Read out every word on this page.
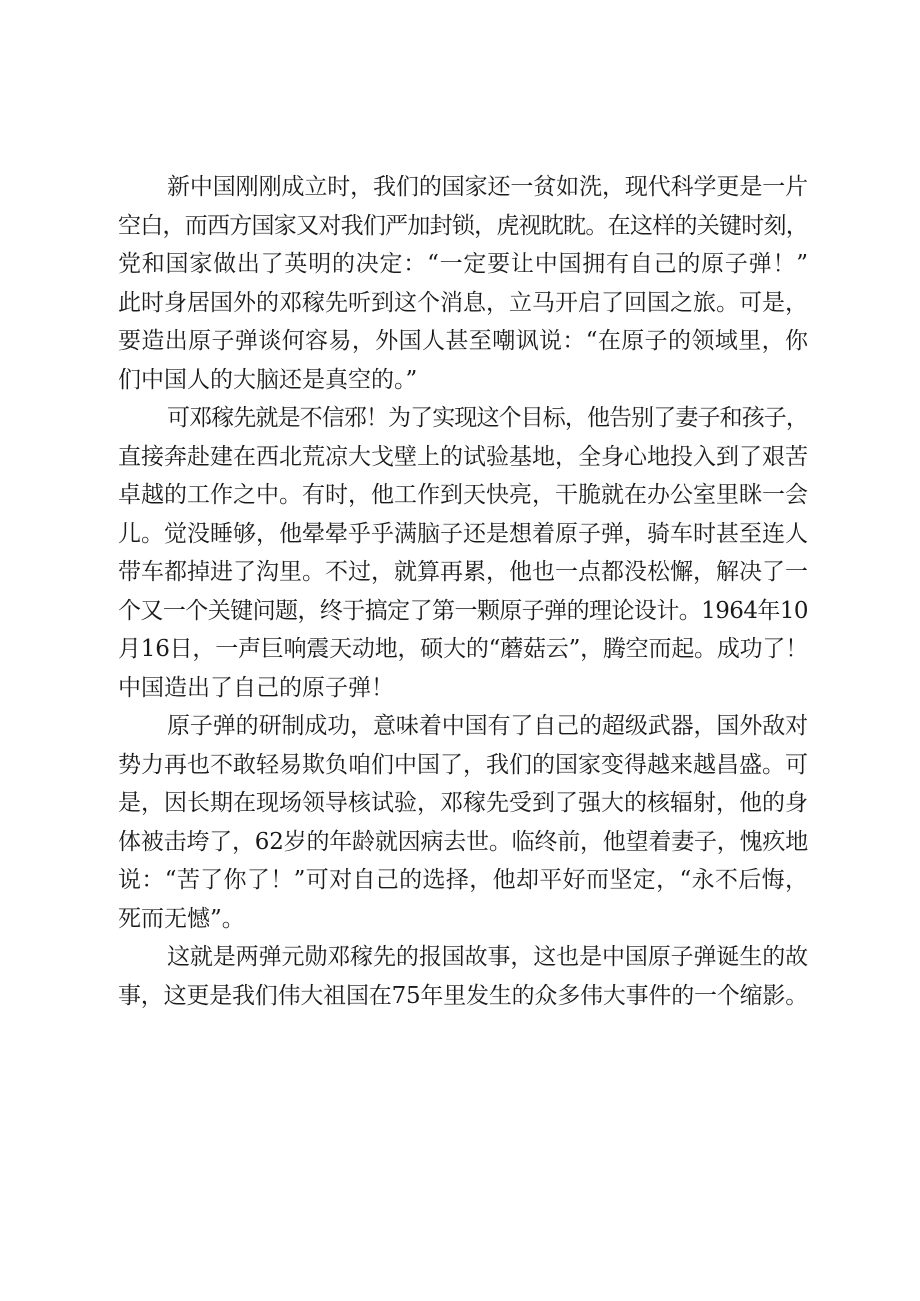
新中国刚刚成立时，我们的国家还一贫如洗，现代科学更是一片
空白，而西方国家又对我们严加封锁，虎视眈眈。在这样的关键时刻，
党和国家做出了英明的决定：“一定要让中国拥有自己的原子弹！”
此时身居国外的邓稼先听到这个消息，立马开启了回国之旅。可是，
要造出原子弹谈何容易，外国人甚至嘲讽说：“在原子的领域里，你
们中国人的大脑还是真空的。”
可邓稼先就是不信邪！为了实现这个目标，他告别了妻子和孩子，
直接奔赴建在西北荒凉大戈壁上的试验基地，全身心地投入到了艰苦
卓越的工作之中。有时，他工作到天快亮，干脆就在办公室里眯一会
儿。觉没睡够，他晕晕乎乎满脑子还是想着原子弹，骑车时甚至连人
带车都掉进了沟里。不过，就算再累，他也一点都没松懈，解决了一
个又一个关键问题，终于搞定了第一颗原子弹的理论设计。1964年10
月16日，一声巨响震天动地，硕大的“蘑菇云”，腾空而起。成功了！
中国造出了自己的原子弹！
原子弹的研制成功，意味着中国有了自己的超级武器，国外敌对
势力再也不敢轻易欺负咱们中国了，我们的国家变得越来越昌盛。可
是，因长期在现场领导核试验，邓稼先受到了强大的核辐射，他的身
体被击垮了，62岁的年龄就因病去世。临终前，他望着妻子，愧疚地
说：“苦了你了！”可对自己的选择，他却平好而坚定，“永不后悔，
死而无憾”。
这就是两弹元勋邓稼先的报国故事，这也是中国原子弹诞生的故
事，这更是我们伟大祖国在75年里发生的众多伟大事件的一个缩影。
